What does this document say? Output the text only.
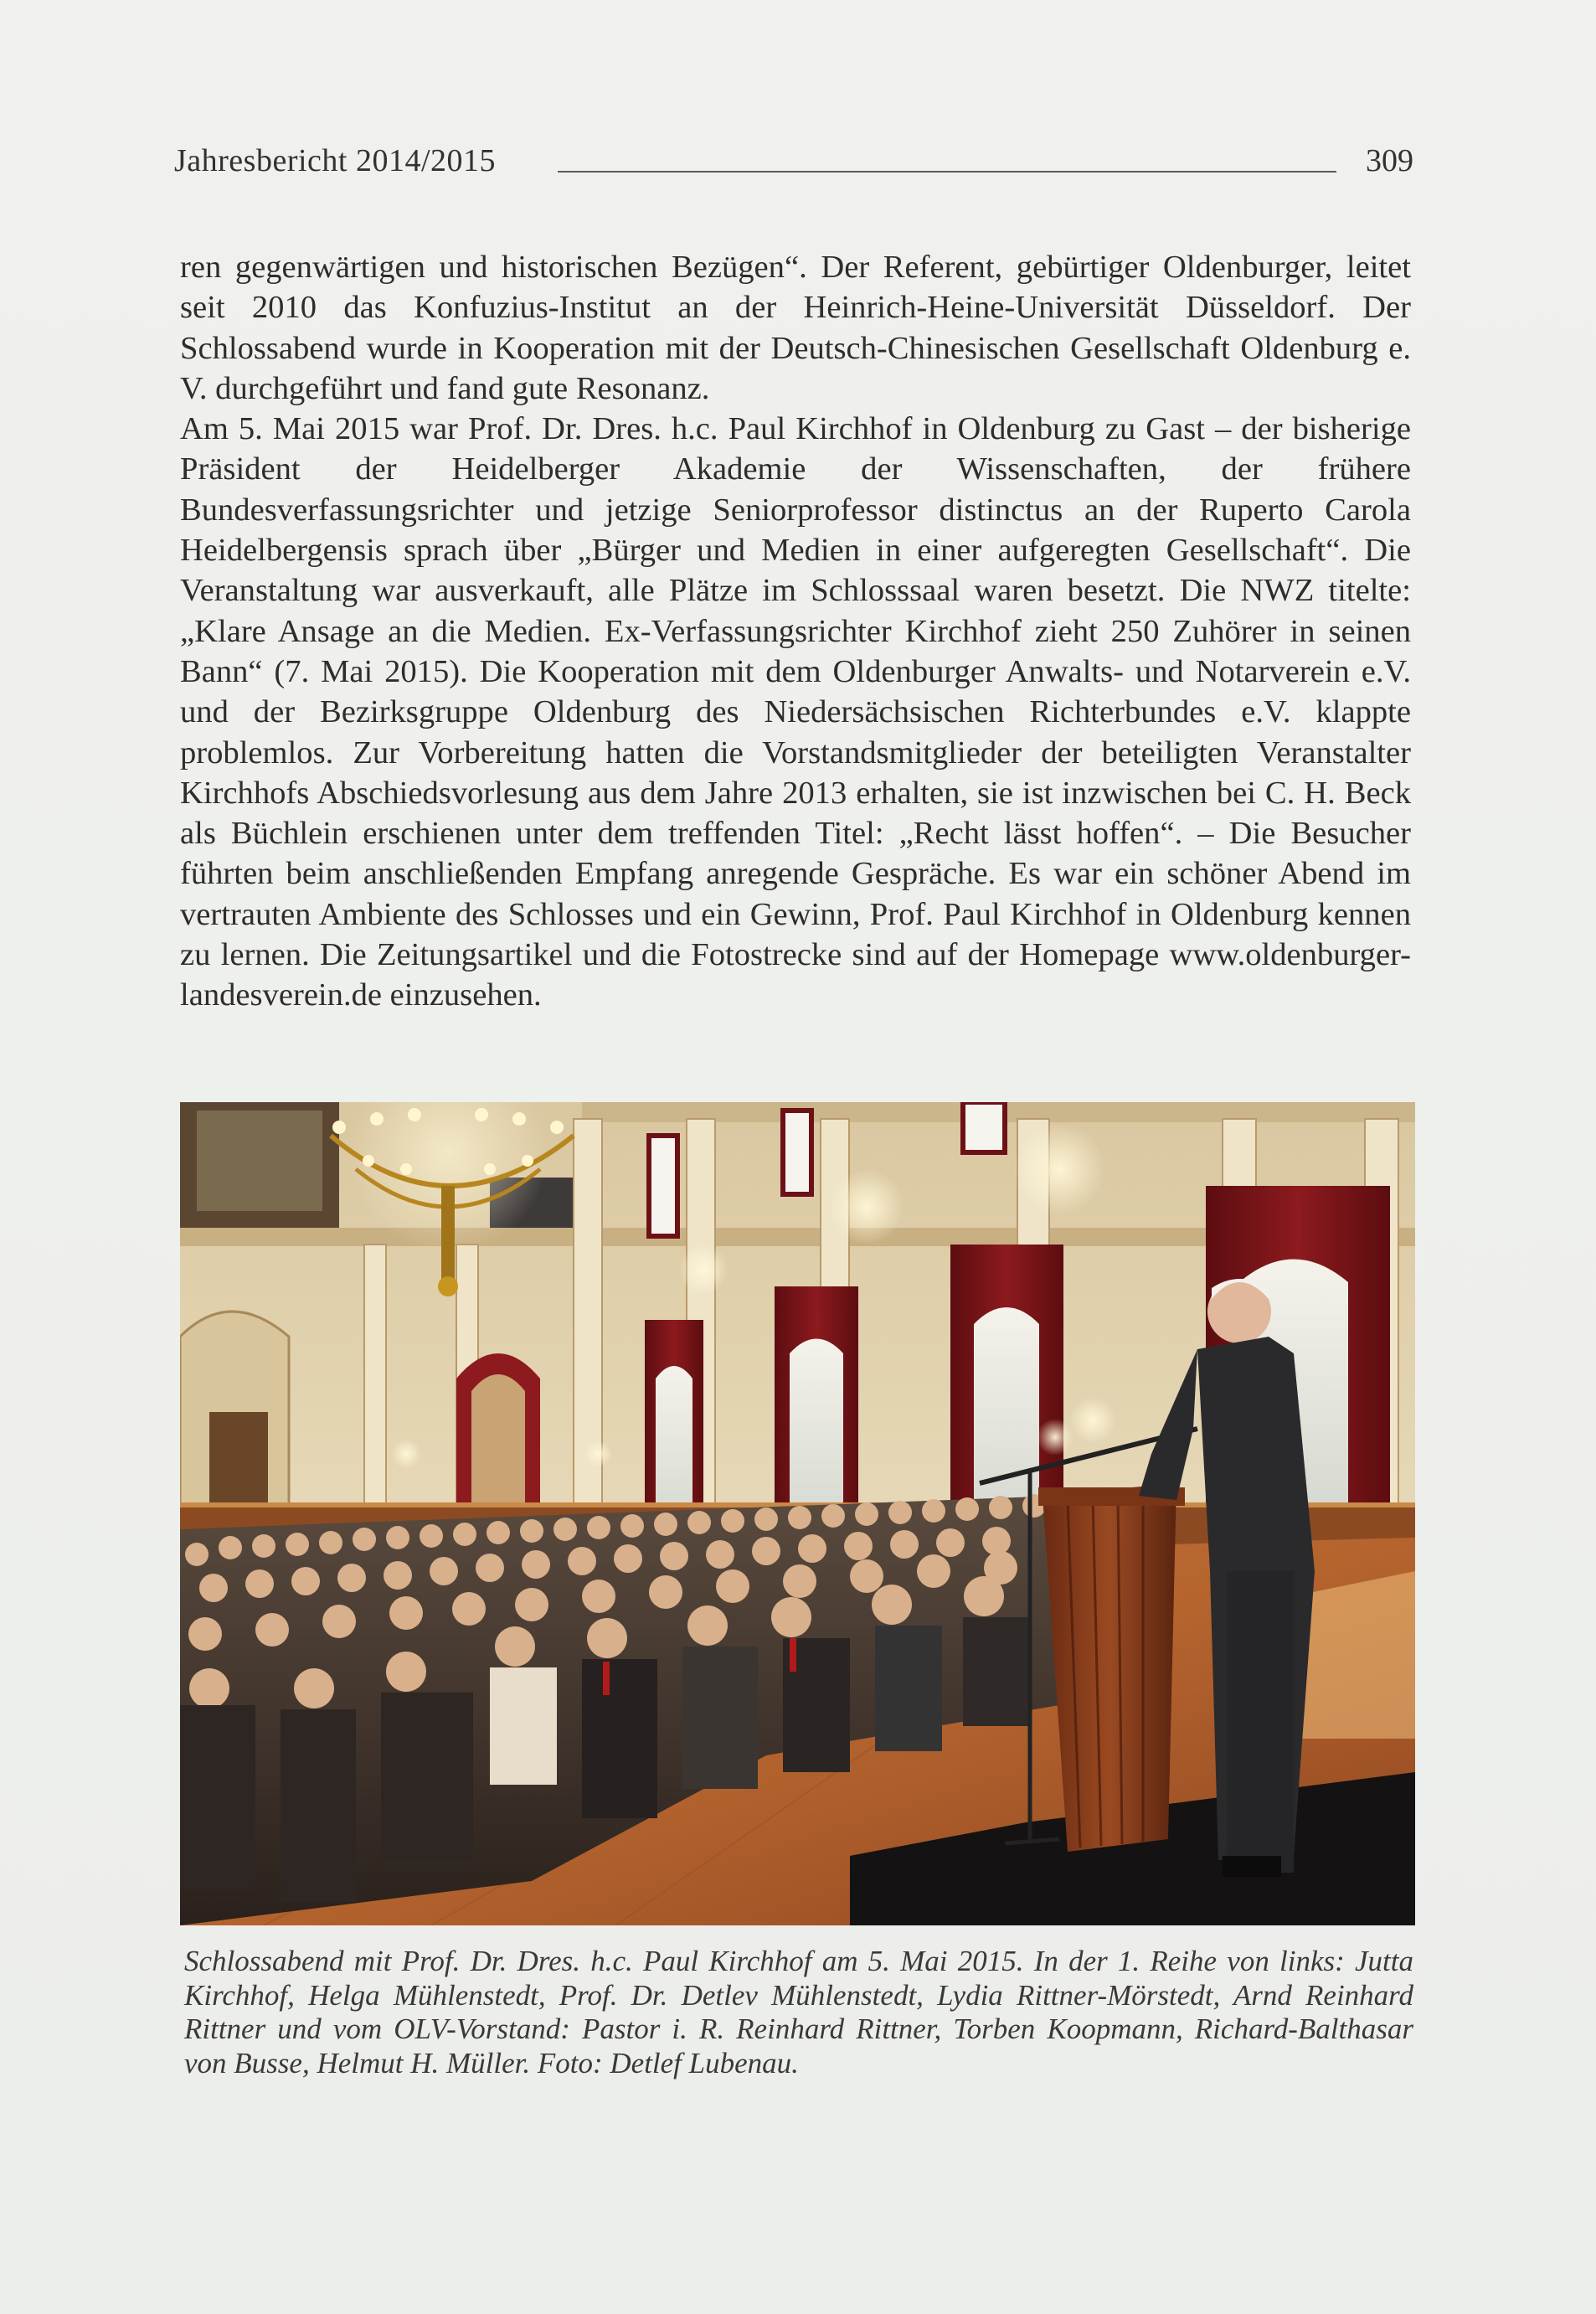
Jahresbericht 2014/2015	309

ren gegenwärtigen und historischen Bezügen“. Der Referent, gebürtiger Oldenburger, leitet seit 2010 das Konfuzius-Institut an der Heinrich-Heine-Universität Düsseldorf. Der Schlossabend wurde in Kooperation mit der Deutsch-Chinesischen Gesellschaft Oldenburg e. V. durchgeführt und fand gute Resonanz.

Am 5. Mai 2015 war Prof. Dr. Dres. h.c. Paul Kirchhof in Oldenburg zu Gast – der bisherige Präsident der Heidelberger Akademie der Wissenschaften, der frühere Bundesverfassungsrichter und jetzige Seniorprofessor distinctus an der Ruperto Carola Heidelbergensis sprach über „Bürger und Medien in einer aufgeregten Gesellschaft“. Die Veranstaltung war ausverkauft, alle Plätze im Schlosssaal waren besetzt. Die NWZ titelte: „Klare Ansage an die Medien. Ex-Verfassungsrichter Kirchhof zieht 250 Zuhörer in seinen Bann“ (7. Mai 2015). Die Kooperation mit dem Oldenburger Anwalts- und Notarverein e.V. und der Bezirksgruppe Oldenburg des Niedersächsischen Richterbundes e.V. klappte problemlos. Zur Vorbereitung hatten die Vorstandsmitglieder der beteiligten Veranstalter Kirchhofs Abschiedsvorlesung aus dem Jahre 2013 erhalten, sie ist inzwischen bei C. H. Beck als Büchlein erschienen unter dem treffenden Titel: „Recht lässt hoffen“. – Die Besucher führten beim anschließenden Empfang anregende Gespräche. Es war ein schöner Abend im vertrauten Ambiente des Schlosses und ein Gewinn, Prof. Paul Kirchhof in Oldenburg kennen zu lernen. Die Zeitungsartikel und die Fotostrecke sind auf der Homepage www.oldenburger-landesverein.de einzusehen.

Schlossabend mit Prof. Dr. Dres. h.c. Paul Kirchhof am 5. Mai 2015. In der 1. Reihe von links: Jutta Kirchhof, Helga Mühlenstedt, Prof. Dr. Detlev Mühlenstedt, Lydia Rittner-Mörstedt, Arnd Reinhard Rittner und vom OLV-Vorstand: Pastor i. R. Reinhard Rittner, Torben Koopmann, Richard-Balthasar von Busse, Helmut H. Müller. Foto: Detlef Lubenau.
